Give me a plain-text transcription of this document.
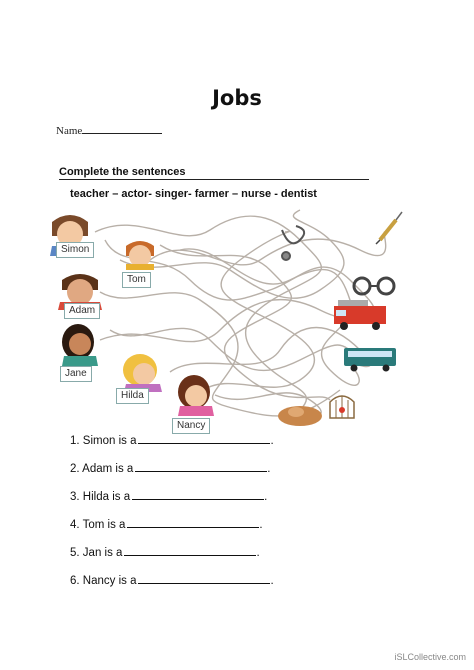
Jobs
Name
Complete the sentences
teacher – actor- singer- farmer – nurse - dentist
Simon
Tom
Adam
Jane
Hilda
Nancy
1. Simon is a	.
2. Adam is a	.
3. Hilda is a	.
4. Tom is a	.
5. Jan is a	.
6. Nancy is a	.
iSLCollective.com
